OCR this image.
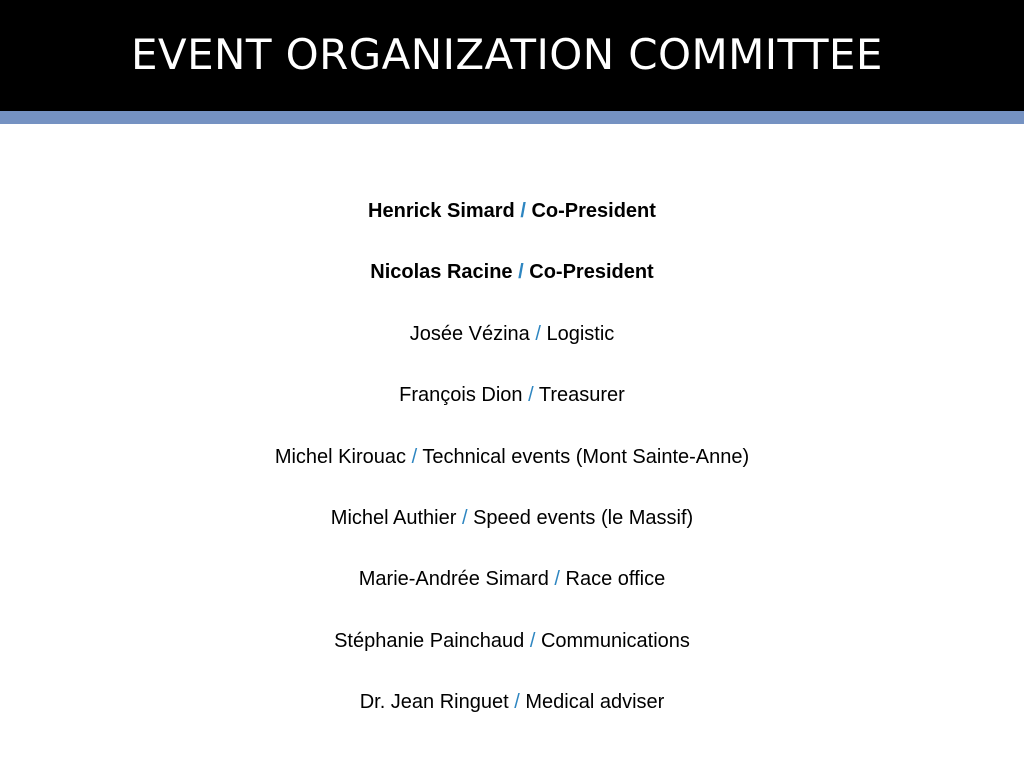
EVENT ORGANIZATION COMMITTEE
Henrick Simard / Co-President
Nicolas Racine / Co-President
Josée Vézina / Logistic
François Dion / Treasurer
Michel Kirouac / Technical events (Mont Sainte-Anne)
Michel Authier / Speed events (le Massif)
Marie-Andrée Simard / Race office
Stéphanie Painchaud / Communications
Dr. Jean Ringuet / Medical adviser
